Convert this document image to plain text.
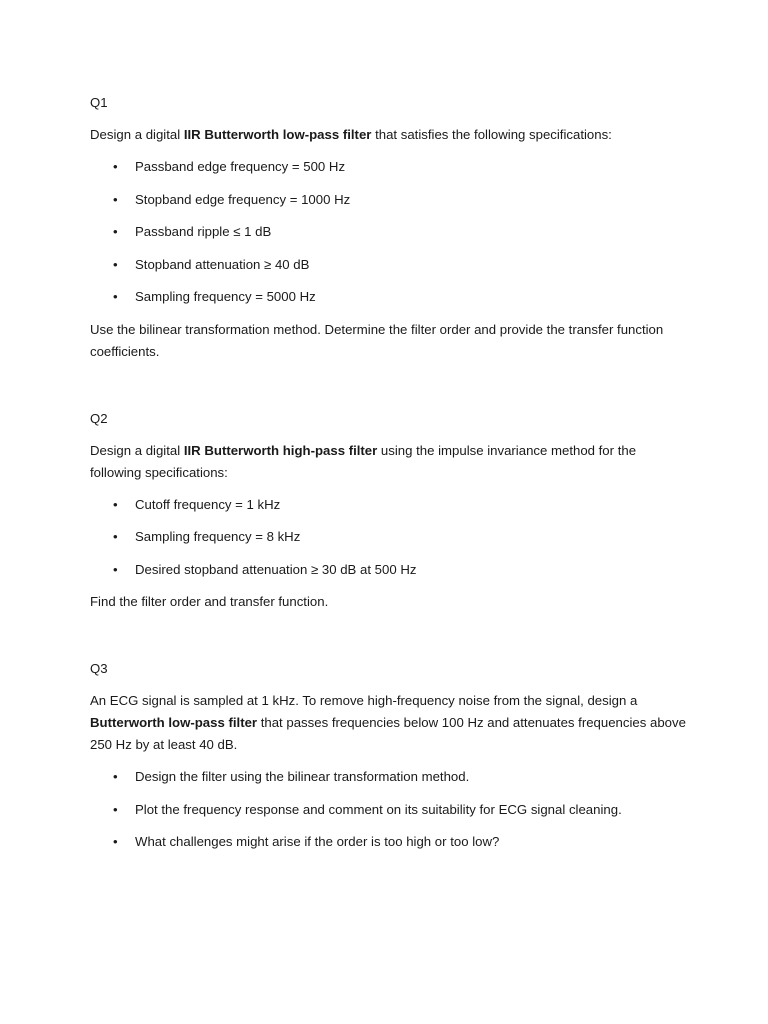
Q1

Design a digital IIR Butterworth low-pass filter that satisfies the following specifications:

• Passband edge frequency = 500 Hz
• Stopband edge frequency = 1000 Hz
• Passband ripple ≤ 1 dB
• Stopband attenuation ≥ 40 dB
• Sampling frequency = 5000 Hz

Use the bilinear transformation method. Determine the filter order and provide the transfer function coefficients.

Q2

Design a digital IIR Butterworth high-pass filter using the impulse invariance method for the following specifications:

• Cutoff frequency = 1 kHz
• Sampling frequency = 8 kHz
• Desired stopband attenuation ≥ 30 dB at 500 Hz

Find the filter order and transfer function.

Q3

An ECG signal is sampled at 1 kHz. To remove high-frequency noise from the signal, design a Butterworth low-pass filter that passes frequencies below 100 Hz and attenuates frequencies above 250 Hz by at least 40 dB.

• Design the filter using the bilinear transformation method.
• Plot the frequency response and comment on its suitability for ECG signal cleaning.
• What challenges might arise if the order is too high or too low?
